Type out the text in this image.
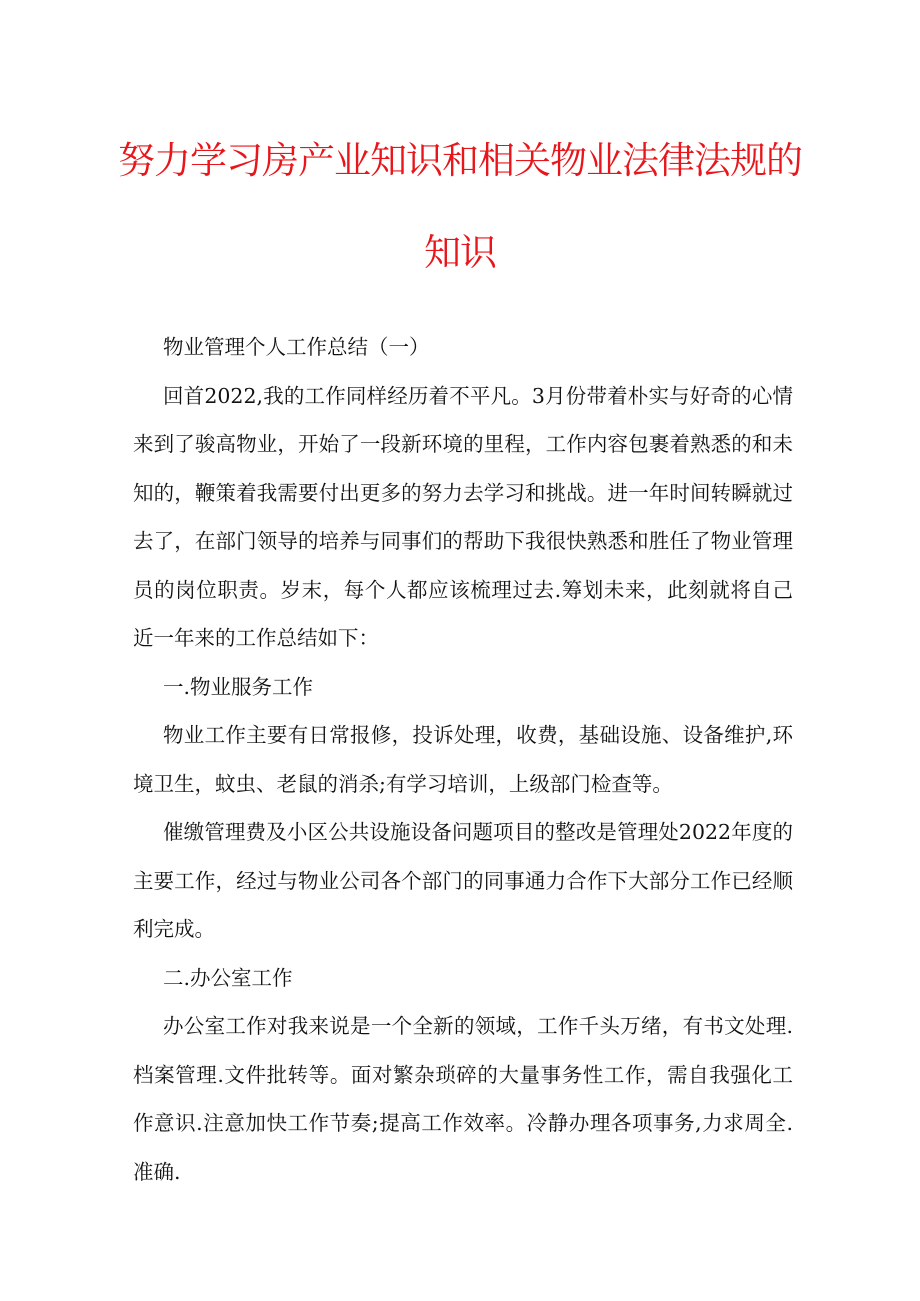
努力学习房产业知识和相关物业法律法规的
知识

物业管理个人工作总结（一）

回首2022,我的工作同样经历着不平凡。3月份带着朴实与好奇的心情来到了骏高物业，开始了一段新环境的里程，工作内容包裹着熟悉的和未知的，鞭策着我需要付出更多的努力去学习和挑战。进一年时间转瞬就过去了，在部门领导的培养与同事们的帮助下我很快熟悉和胜任了物业管理员的岗位职责。岁末，每个人都应该梳理过去.筹划未来，此刻就将自己近一年来的工作总结如下：

一.物业服务工作

物业工作主要有日常报修，投诉处理，收费，基础设施、设备维护,环境卫生，蚊虫、老鼠的消杀;有学习培训，上级部门检查等。

催缴管理费及小区公共设施设备问题项目的整改是管理处2022年度的主要工作，经过与物业公司各个部门的同事通力合作下大部分工作已经顺利完成。

二.办公室工作

办公室工作对我来说是一个全新的领域，工作千头万绪，有书文处理.档案管理.文件批转等。面对繁杂琐碎的大量事务性工作，需自我强化工作意识.注意加快工作节奏;提高工作效率。冷静办理各项事务,力求周全.准确.
